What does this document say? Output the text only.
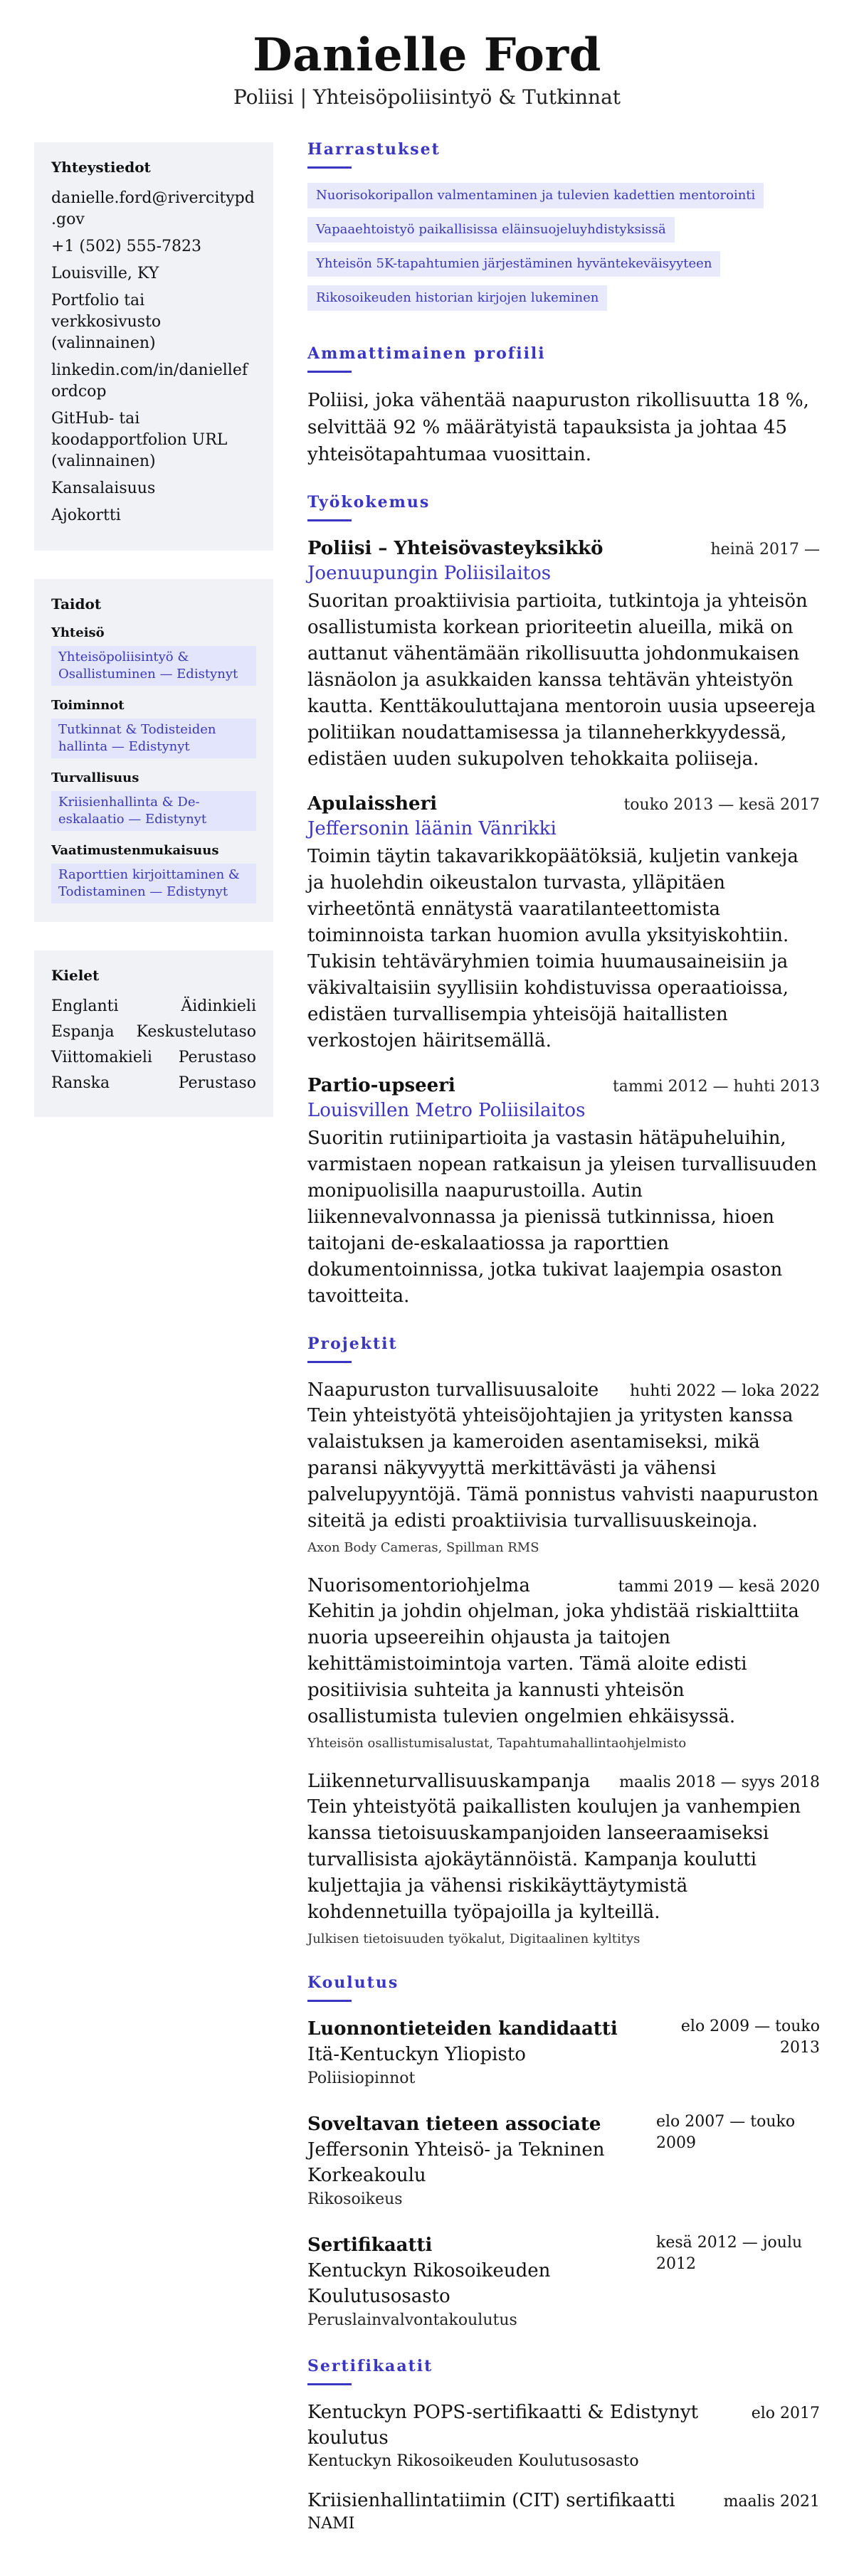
Danielle Ford
Poliisi | Yhteisöpoliisintyö & Tutkinnat
Yhteystiedot
danielle.ford@rivercitypd.gov
+1 (502) 555-7823
Louisville, KY
Portfolio tai verkkosivusto (valinnainen)
linkedin.com/in/danielleford​cop
GitHub- tai koodapportfolion URL (valinnainen)
Kansalaisuus
Ajokortti
Taidot
Yhteisö
Yhteisöpoliisintyö & Osallistuminen — Edistynyt
Toiminnot
Tutkinnat & Todisteiden hallinta — Edistynyt
Turvallisuus
Kriisienhallinta & De-eskalaatio — Edistynyt
Vaatimustenmukaisuus
Raporttien kirjoittaminen & Todistaminen — Edistynyt
Kielet
Englanti	Äidinkieli
Espanja Keskustelutaso
Viittomakieli Perustaso
Ranska	Perustaso
Harrastukset
Nuorisokoripallon valmentaminen ja tulevien kadettien mentorointi
Vapaaehtoistyö paikallisissa eläinsuojeluyhdistyksissä
Yhteisön 5K-tapahtumien järjestäminen hyväntekeväisyyteen
Rikosoikeuden historian kirjojen lukeminen
Ammattimainen profiili
Poliisi, joka vähentää naapuruston rikollisuutta 18 %, selvittää 92 % määrätyistä tapauksista ja johtaa 45 yhteisötapahtumaa vuosittain.
Työkokemus
Poliisi – Yhteisövasteyksikkö	heinä 2017 —
Joenuupungin Poliisilaitos
Suoritan proaktiivisia partioita, tutkintoja ja yhteisön osallistumista korkean prioriteetin alueilla, mikä on auttanut vähentämään rikollisuutta johdonmukaisen läsnäolon ja asukkaiden kanssa tehtävän yhteistyön kautta. Kenttäkouluttajana mentoroin uusia upseereja politiikan noudattamisessa ja tilanneherkkyydessä, edistäen uuden sukupolven tehokkaita poliiseja.
Apulaissheri	touko 2013 — kesä 2017
Jeffersonin läänin Vänrikki
Toimin täytin takavarikkopäätöksiä, kuljetin vankeja ja huolehdin oikeustalon turvasta, ylläpitäen virheetöntä ennätystä vaaratilanteettomista toiminnoista tarkan huomion avulla yksityiskohtiin. Tukisin tehtäväryhmien toimia huumausaineisiin ja väkivaltaisiin syyllisiin kohdistuvissa operaatioissa, edistäen turvallisempia yhteisöjä haitallisten verkostojen häiritsemällä.
Partio-upseeri	tammi 2012 — huhti 2013
Louisvillen Metro Poliisilaitos
Suoritin rutiinipartioita ja vastasin hätäpuheluihin, varmistaen nopean ratkaisun ja yleisen turvallisuuden monipuolisilla naapurustoilla. Autin liikennevalvonnassa ja pienissä tutkinnissa, hioen taitojani de-eskalaatiossa ja raporttien dokumentoinnissa, jotka tukivat laajempia osaston tavoitteita.
Projektit
Naapuruston turvallisuusaloite huhti 2022 — loka 2022
Tein yhteistyötä yhteisöjohtajien ja yritysten kanssa valaistuksen ja kameroiden asentamiseksi, mikä paransi näkyvyyttä merkittävästi ja vähensi palvelupyyntöjä. Tämä ponnistus vahvisti naapuruston siteitä ja edisti proaktiivisia turvallisuuskeinoja.
Axon Body Cameras, Spillman RMS
Nuorisomentoriohjelma	tammi 2019 — kesä 2020
Kehitin ja johdin ohjelman, joka yhdistää riskialttiita nuoria upseereihin ohjausta ja taitojen kehittämistoimintoja varten. Tämä aloite edisti positiivisia suhteita ja kannusti yhteisön osallistumista tulevien ongelmien ehkäisyssä.
Yhteisön osallistumisalustat, Tapahtumahallintaohjelmisto
Liikenneturvallisuuskampanja maalis 2018 — syys 2018
Tein yhteistyötä paikallisten koulujen ja vanhempien kanssa tietoisuuskampanjoiden lanseeraamiseksi turvallisista ajokäytännöistä. Kampanja koulutti kuljettajia ja vähensi riskikäyttäytymistä kohdennetuilla työpajoilla ja kylteillä.
Julkisen tietoisuuden työkalut, Digitaalinen kyltitys
Koulutus
Luonnontieteiden kandidaatti
Itä-Kentuckyn Yliopisto
Poliisiopinnot
elo 2009 — touko 2013
Soveltavan tieteen associate
Jeffersonin Yhteisö- ja Tekninen Korkeakoulu
Rikosoikeus
elo 2007 — touko 2009
Sertifikaatti
Kentuckyn Rikosoikeuden Koulutusosasto
Peruslainvalvontakoulutus
kesä 2012 — joulu 2012
Sertifikaatit
Kentuckyn POPS-sertifikaatti & Edistynyt koulutus
elo 2017
Kentuckyn Rikosoikeuden Koulutusosasto
Kriisienhallintatiimin (CIT) sertifikaatti	maalis 2021
NAMI
